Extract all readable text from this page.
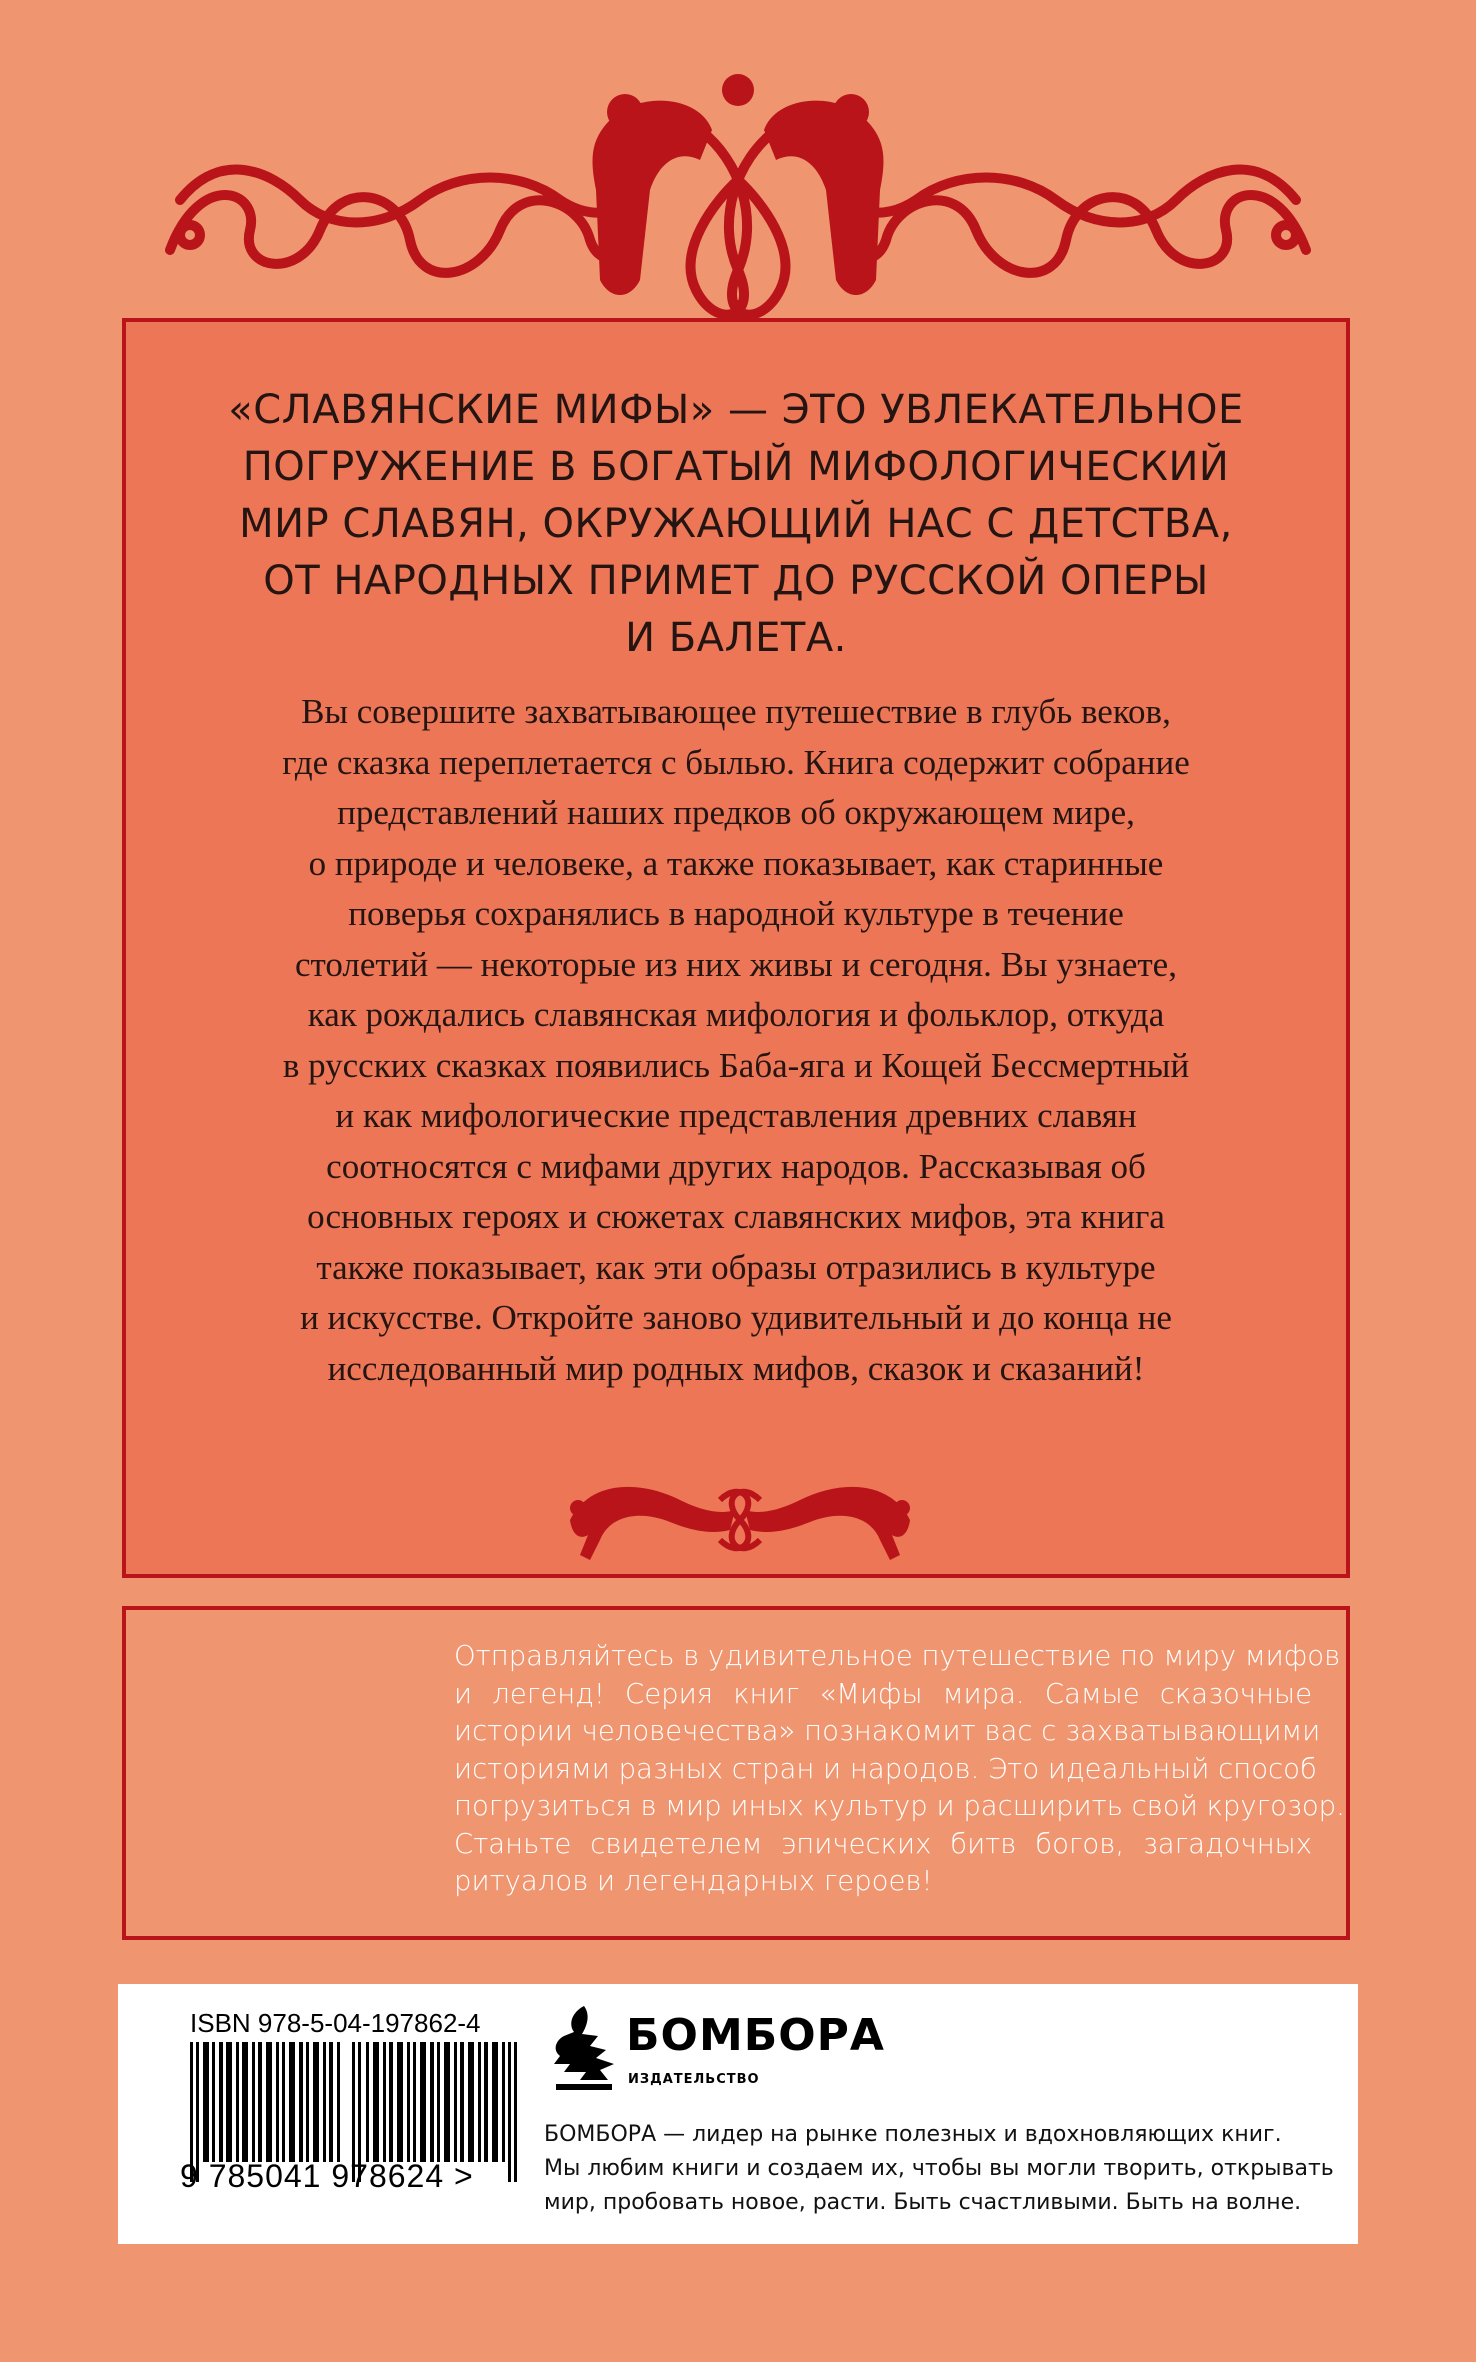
«СЛАВЯНСКИЕ МИФЫ» — ЭТО УВЛЕКАТЕЛЬНОЕ
ПОГРУЖЕНИЕ В БОГАТЫЙ МИФОЛОГИЧЕСКИЙ
МИР СЛАВЯН, ОКРУЖАЮЩИЙ НАС С ДЕТСТВА,
ОТ НАРОДНЫХ ПРИМЕТ ДО РУССКОЙ ОПЕРЫ
И БАЛЕТА.
Вы совершите захватывающее путешествие в глубь веков,
где сказка переплетается с былью. Книга содержит собрание
представлений наших предков об окружающем мире,
о природе и человеке, а также показывает, как старинные
поверья сохранялись в народной культуре в течение
столетий — некоторые из них живы и сегодня. Вы узнаете,
как рождались славянская мифология и фольклор, откуда
в русских сказках появились Баба-яга и Кощей Бессмертный
и как мифологические представления древних славян
соотносятся с мифами других народов. Рассказывая об
основных героях и сюжетах славянских мифов, эта книга
также показывает, как эти образы отразились в культуре
и искусстве. Откройте заново удивительный и до конца не
исследованный мир родных мифов, сказок и сказаний!
Отправляйтесь в удивительное путешествие по миру мифов
и легенд! Серия книг «Мифы мира. Самые сказочные
истории человечества» познакомит вас с захватывающими
историями разных стран и народов. Это идеальный способ
погрузиться в мир иных культур и расширить свой кругозор.
Станьте свидетелем эпических битв богов, загадочных
ритуалов и легендарных героев!
ISBN 978-5-04-197862-4
9 785041 978624 >
БОМБОРА
ИЗДАТЕЛЬСТВО
БОМБОРА — лидер на рынке полезных и вдохновляющих книг.
Мы любим книги и создаем их, чтобы вы могли творить, открывать
мир, пробовать новое, расти. Быть счастливыми. Быть на волне.
